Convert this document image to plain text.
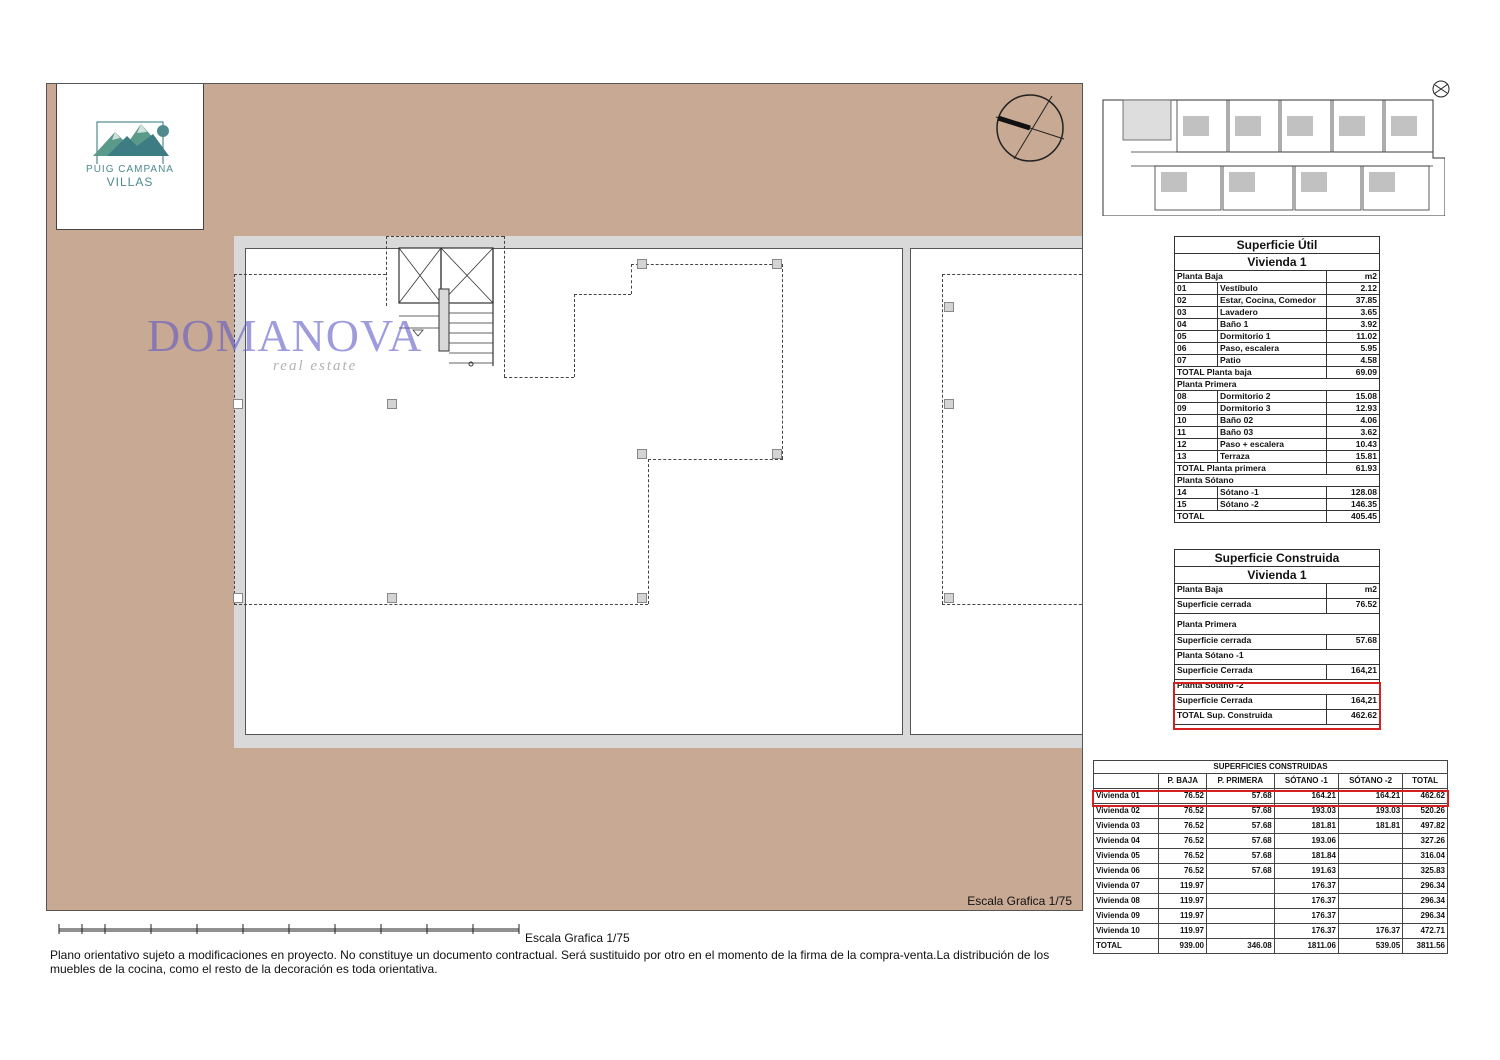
PUIG CAMPANA
VILLAS
DOMANOVA
real estate
Escala Grafica 1/75
Escala Grafica 1/75
Plano orientativo sujeto a modificaciones en proyecto. No constituye un documento contractual. Será sustituido por otro en el momento de la firma de la compra-venta.La distribución de los muebles de la cocina, como el resto de la decoración es toda orientativa.
Superficie Útil		
Vivienda 1		
Planta Baja		m2
01	Vestíbulo	2.12
02	Estar, Cocina, Comedor	37.85
03	Lavadero	3.65
04	Baño 1	3.92
05	Dormitorio 1	11.02
06	Paso, escalera	5.95
07	Patio	4.58
TOTAL Planta baja		69.09
Planta Primera		
08	Dormitorio 2	15.08
09	Dormitorio 3	12.93
10	Baño 02	4.06
11	Baño 03	3.62
12	Paso + escalera	10.43
13	Terraza	15.81
TOTAL Planta primera		61.93
Planta Sótano		
14	Sótano -1	128.08
15	Sótano -2	146.35
TOTAL		405.45
Superficie Construida	
Vivienda 1	
Planta Baja	m2
Superficie cerrada	76.52
Planta Primera	
Superficie cerrada	57.68
Planta Sótano -1	
Superficie Cerrada	164,21
Planta Sótano -2	
Superficie Cerrada	164,21
TOTAL Sup. Construida	462.62
SUPERFICIES CONSTRUIDAS					
	P. BAJA	P. PRIMERA	SÓTANO -1	SÓTANO -2	TOTAL
Vivienda 01	76.52	57.68	164.21	164.21	462.62
Vivienda 02	76.52	57.68	193.03	193.03	520.26
Vivienda 03	76.52	57.68	181.81	181.81	497.82
Vivienda 04	76.52	57.68	193.06		327.26
Vivienda 05	76.52	57.68	181.84		316.04
Vivienda 06	76.52	57.68	191.63		325.83
Vivienda 07	119.97		176.37		296.34
Vivienda 08	119.97		176.37		296.34
Vivienda 09	119.97		176.37		296.34
Vivienda 10	119.97		176.37	176.37	472.71
TOTAL	939.00	346.08	1811.06	539.05	3811.56
